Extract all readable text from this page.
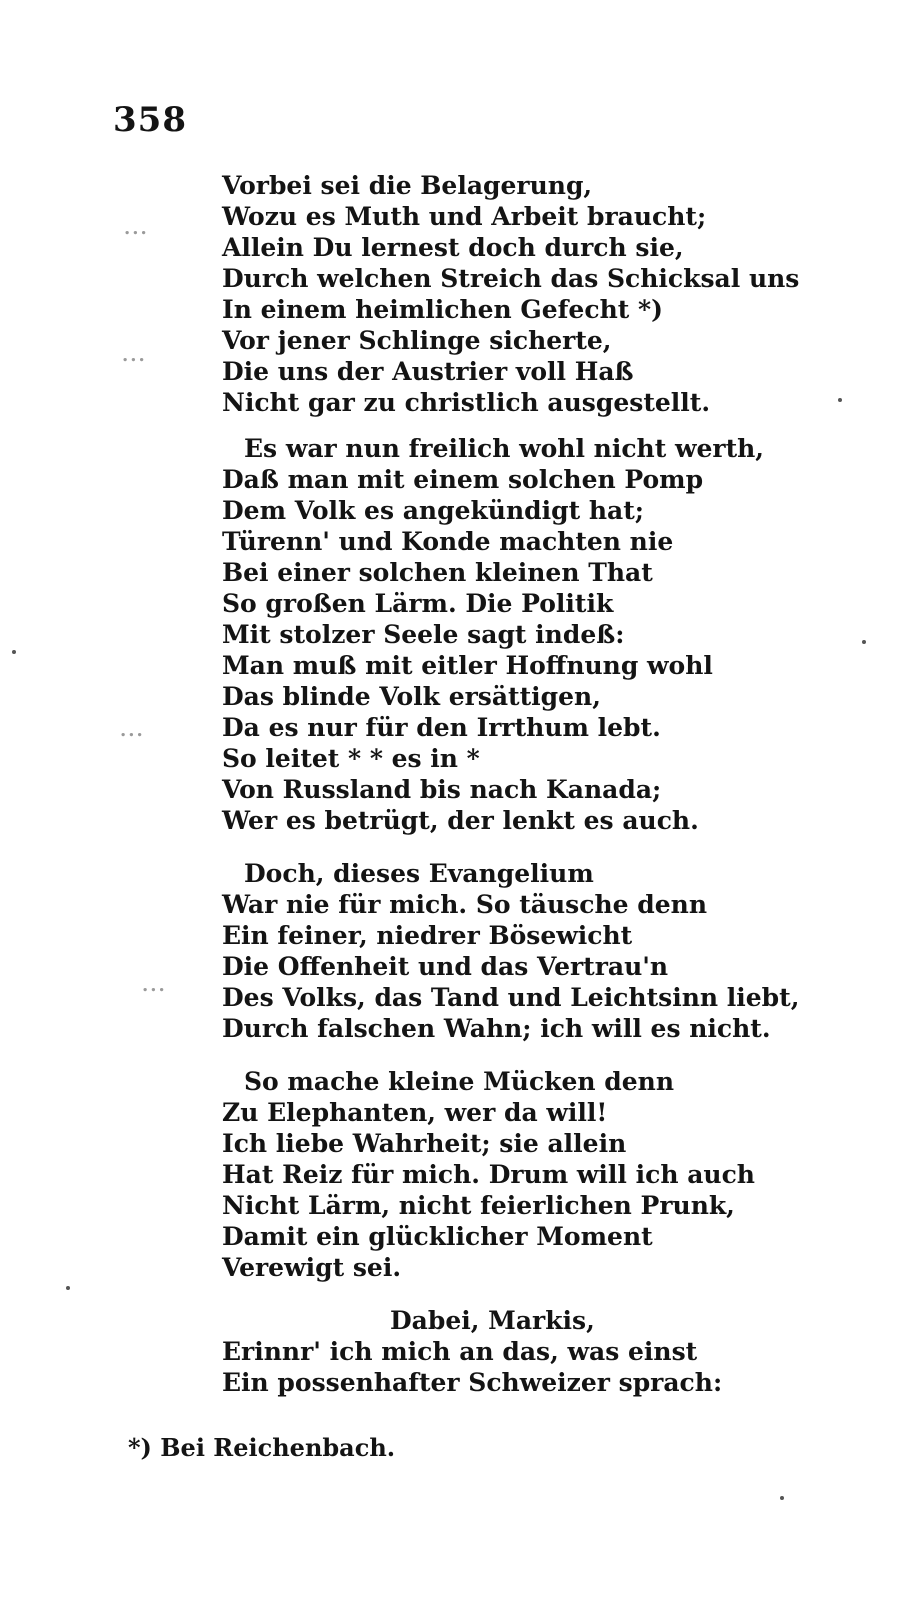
358
Vorbei sei die Belagerung,
Wozu es Muth und Arbeit braucht;
Allein Du lernest doch durch sie,
Durch welchen Streich das Schicksal uns
In einem heimlichen Gefecht *)
Vor jener Schlinge sicherte,
Die uns der Austrier voll Haß
Nicht gar zu christlich ausgestellt.
Es war nun freilich wohl nicht werth,
Daß man mit einem solchen Pomp
Dem Volk es angekündigt hat;
Türenn' und Konde machten nie
Bei einer solchen kleinen That
So großen Lärm. Die Politik
Mit stolzer Seele sagt indeß:
Man muß mit eitler Hoffnung wohl
Das blinde Volk ersättigen,
Da es nur für den Irrthum lebt.
So leitet * * es in *
Von Russland bis nach Kanada;
Wer es betrügt, der lenkt es auch.
Doch, dieses Evangelium
War nie für mich. So täusche denn
Ein feiner, niedrer Bösewicht
Die Offenheit und das Vertrau'n
Des Volks, das Tand und Leichtsinn liebt,
Durch falschen Wahn; ich will es nicht.
So mache kleine Mücken denn
Zu Elephanten, wer da will!
Ich liebe Wahrheit; sie allein
Hat Reiz für mich. Drum will ich auch
Nicht Lärm, nicht feierlichen Prunk,
Damit ein glücklicher Moment
Verewigt sei.
Dabei, Markis,
Erinnr' ich mich an das, was einst
Ein possenhafter Schweizer sprach:
*) Bei Reichenbach.
...
...
...
...
